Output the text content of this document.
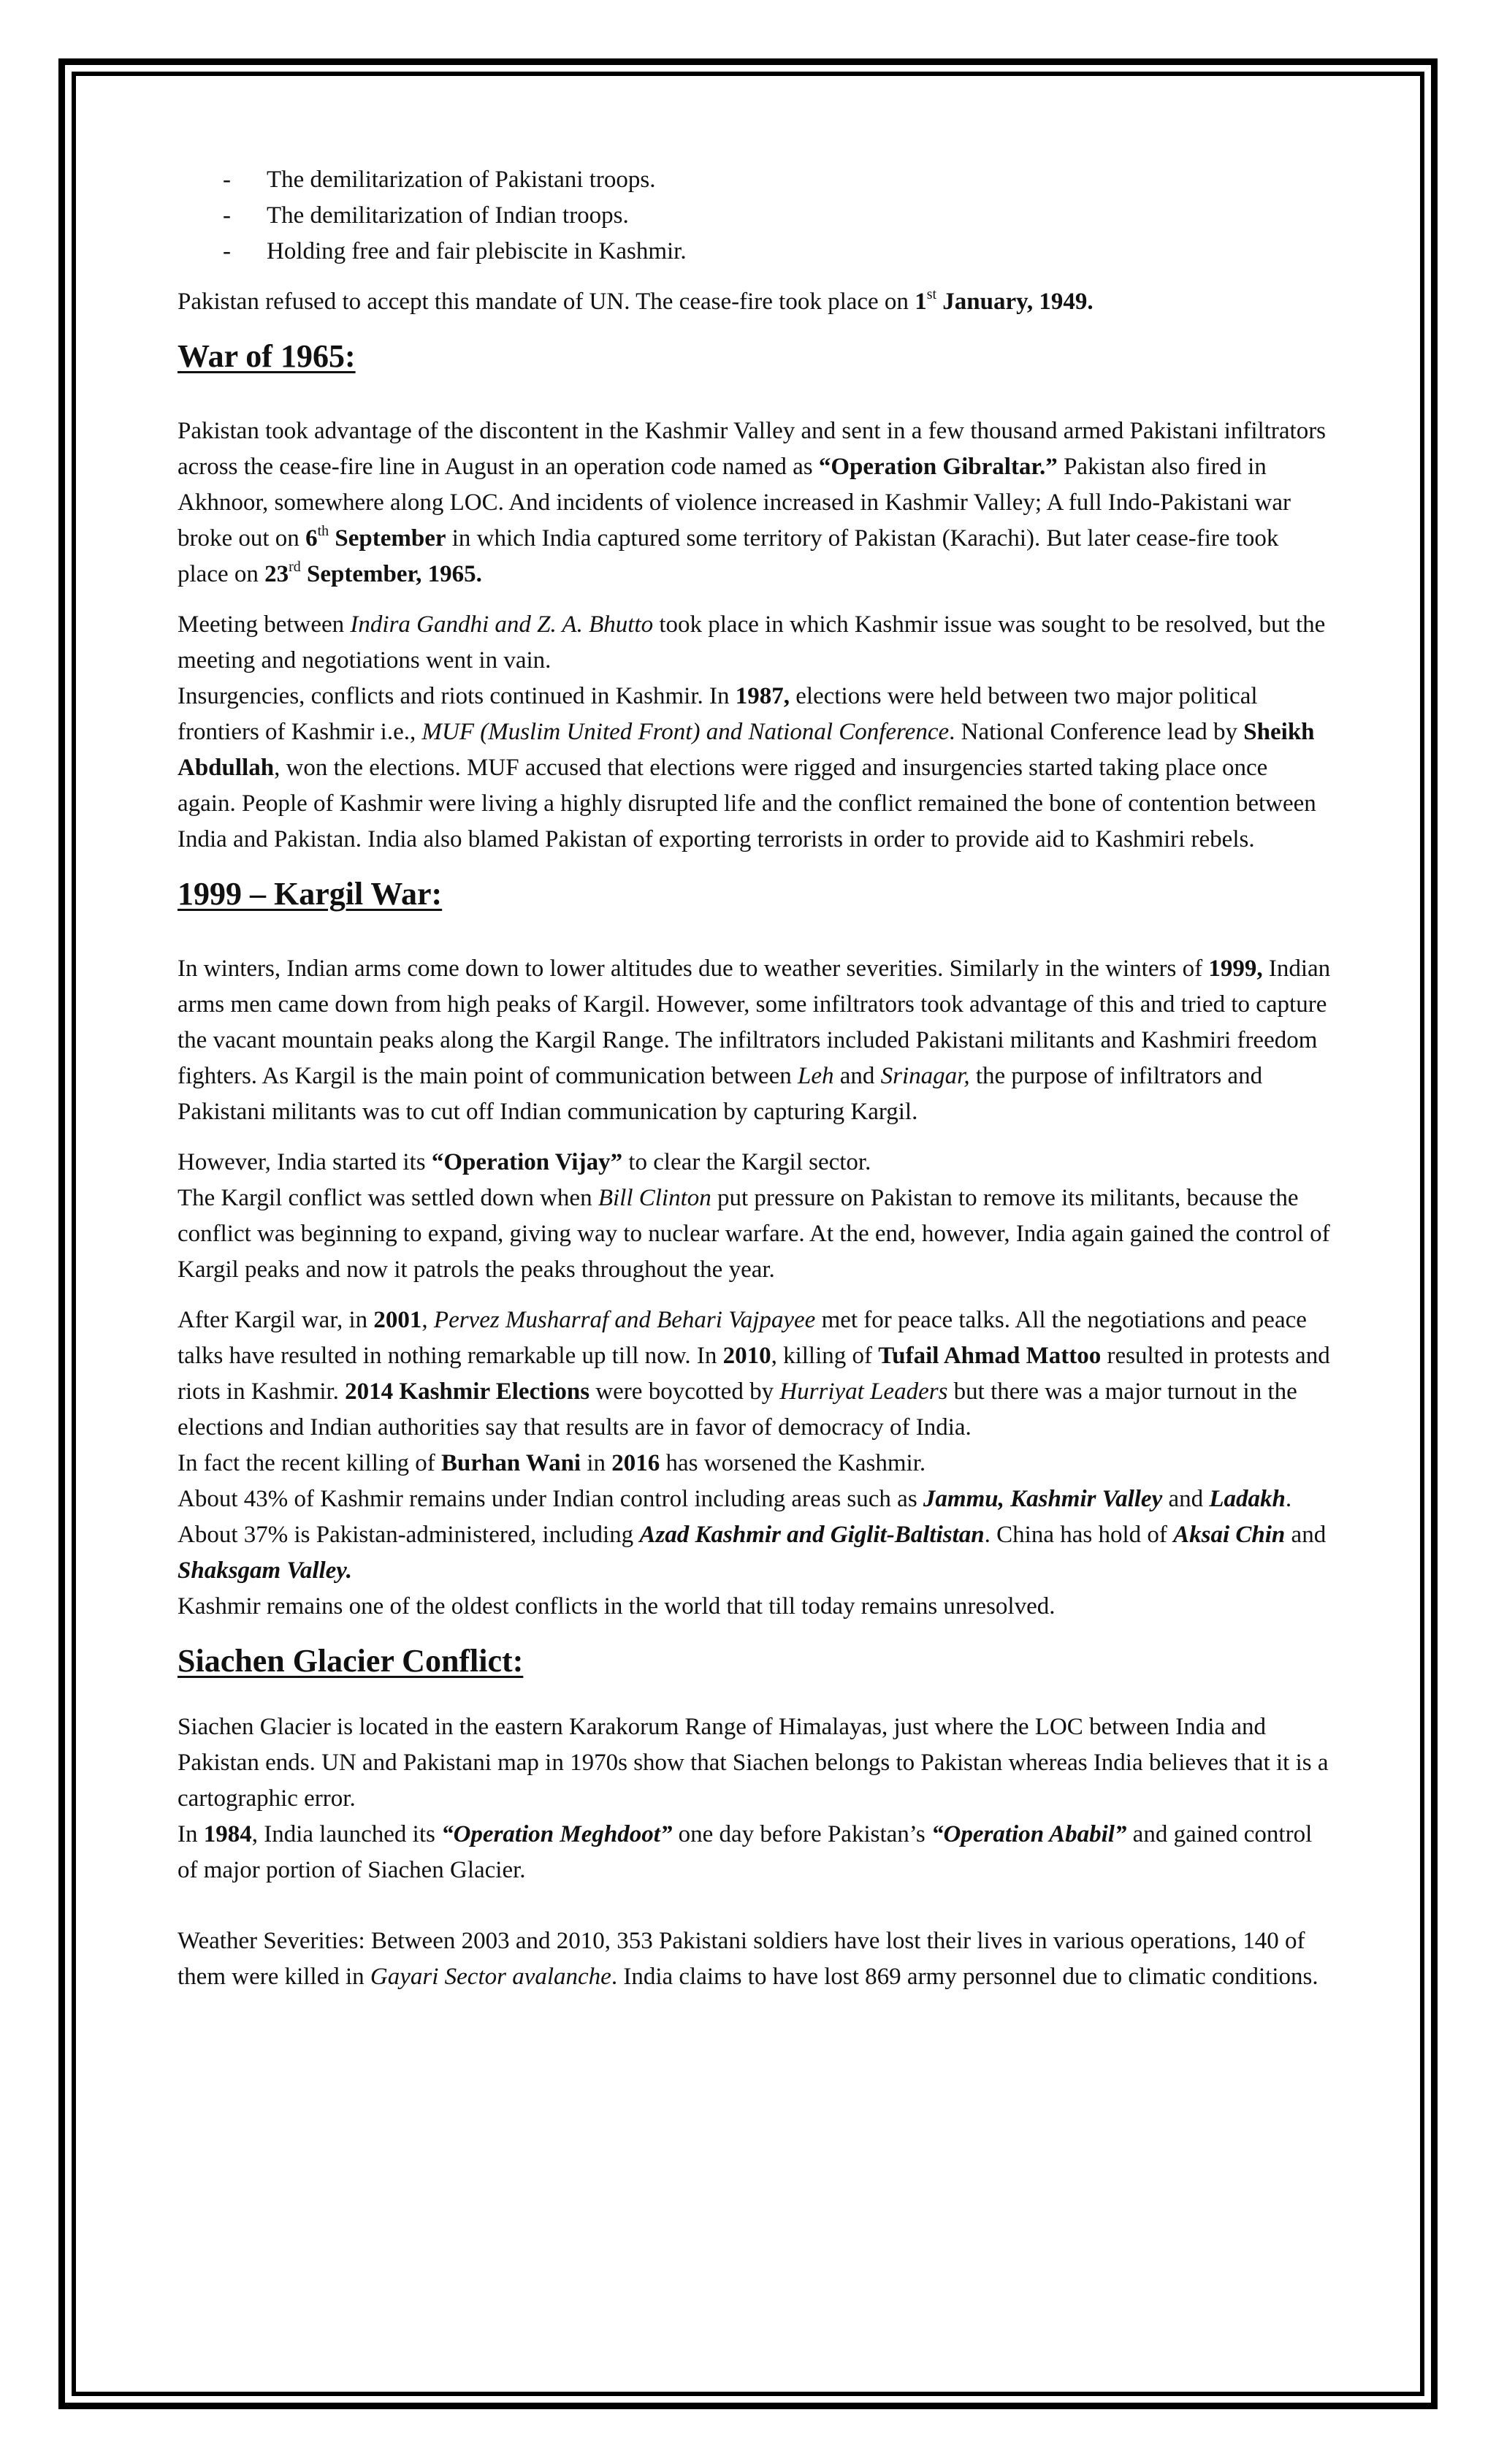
-	The demilitarization of Pakistani troops.
-	The demilitarization of Indian troops.
-	Holding free and fair plebiscite in Kashmir.

Pakistan refused to accept this mandate of UN. The cease-fire took place on 1st January, 1949.

War of 1965:

Pakistan took advantage of the discontent in the Kashmir Valley and sent in a few thousand armed Pakistani infiltrators across the cease-fire line in August in an operation code named as “Operation Gibraltar.” Pakistan also fired in Akhnoor, somewhere along LOC. And incidents of violence increased in Kashmir Valley; A full Indo-Pakistani war broke out on 6th September in which India captured some territory of Pakistan (Karachi). But later cease-fire took place on 23rd September, 1965.

Meeting between Indira Gandhi and Z. A. Bhutto took place in which Kashmir issue was sought to be resolved, but the meeting and negotiations went in vain.

Insurgencies, conflicts and riots continued in Kashmir. In 1987, elections were held between two major political frontiers of Kashmir i.e., MUF (Muslim United Front) and National Conference. National Conference lead by Sheikh Abdullah, won the elections. MUF accused that elections were rigged and insurgencies started taking place once again. People of Kashmir were living a highly disrupted life and the conflict remained the bone of contention between India and Pakistan. India also blamed Pakistan of exporting terrorists in order to provide aid to Kashmiri rebels.

1999 – Kargil War:

In winters, Indian arms come down to lower altitudes due to weather severities. Similarly in the winters of 1999, Indian arms men came down from high peaks of Kargil. However, some infiltrators took advantage of this and tried to capture the vacant mountain peaks along the Kargil Range. The infiltrators included Pakistani militants and Kashmiri freedom fighters. As Kargil is the main point of communication between Leh and Srinagar, the purpose of infiltrators and Pakistani militants was to cut off Indian communication by capturing Kargil.

However, India started its “Operation Vijay” to clear the Kargil sector.

The Kargil conflict was settled down when Bill Clinton put pressure on Pakistan to remove its militants, because the conflict was beginning to expand, giving way to nuclear warfare. At the end, however, India again gained the control of Kargil peaks and now it patrols the peaks throughout the year.

After Kargil war, in 2001, Pervez Musharraf and Behari Vajpayee met for peace talks. All the negotiations and peace talks have resulted in nothing remarkable up till now. In 2010, killing of Tufail Ahmad Mattoo resulted in protests and riots in Kashmir. 2014 Kashmir Elections were boycotted by Hurriyat Leaders but there was a major turnout in the elections and Indian authorities say that results are in favor of democracy of India.

In fact the recent killing of Burhan Wani in 2016 has worsened the Kashmir.

About 43% of Kashmir remains under Indian control including areas such as Jammu, Kashmir Valley and Ladakh. About 37% is Pakistan-administered, including Azad Kashmir and Giglit-Baltistan. China has hold of Aksai Chin and Shaksgam Valley.

Kashmir remains one of the oldest conflicts in the world that till today remains unresolved.

Siachen Glacier Conflict:

Siachen Glacier is located in the eastern Karakorum Range of Himalayas, just where the LOC between India and Pakistan ends. UN and Pakistani map in 1970s show that Siachen belongs to Pakistan whereas India believes that it is a cartographic error.

In 1984, India launched its “Operation Meghdoot” one day before Pakistan’s “Operation Ababil” and gained control of major portion of Siachen Glacier.

Weather Severities: Between 2003 and 2010, 353 Pakistani soldiers have lost their lives in various operations, 140 of them were killed in Gayari Sector avalanche. India claims to have lost 869 army personnel due to climatic conditions.
